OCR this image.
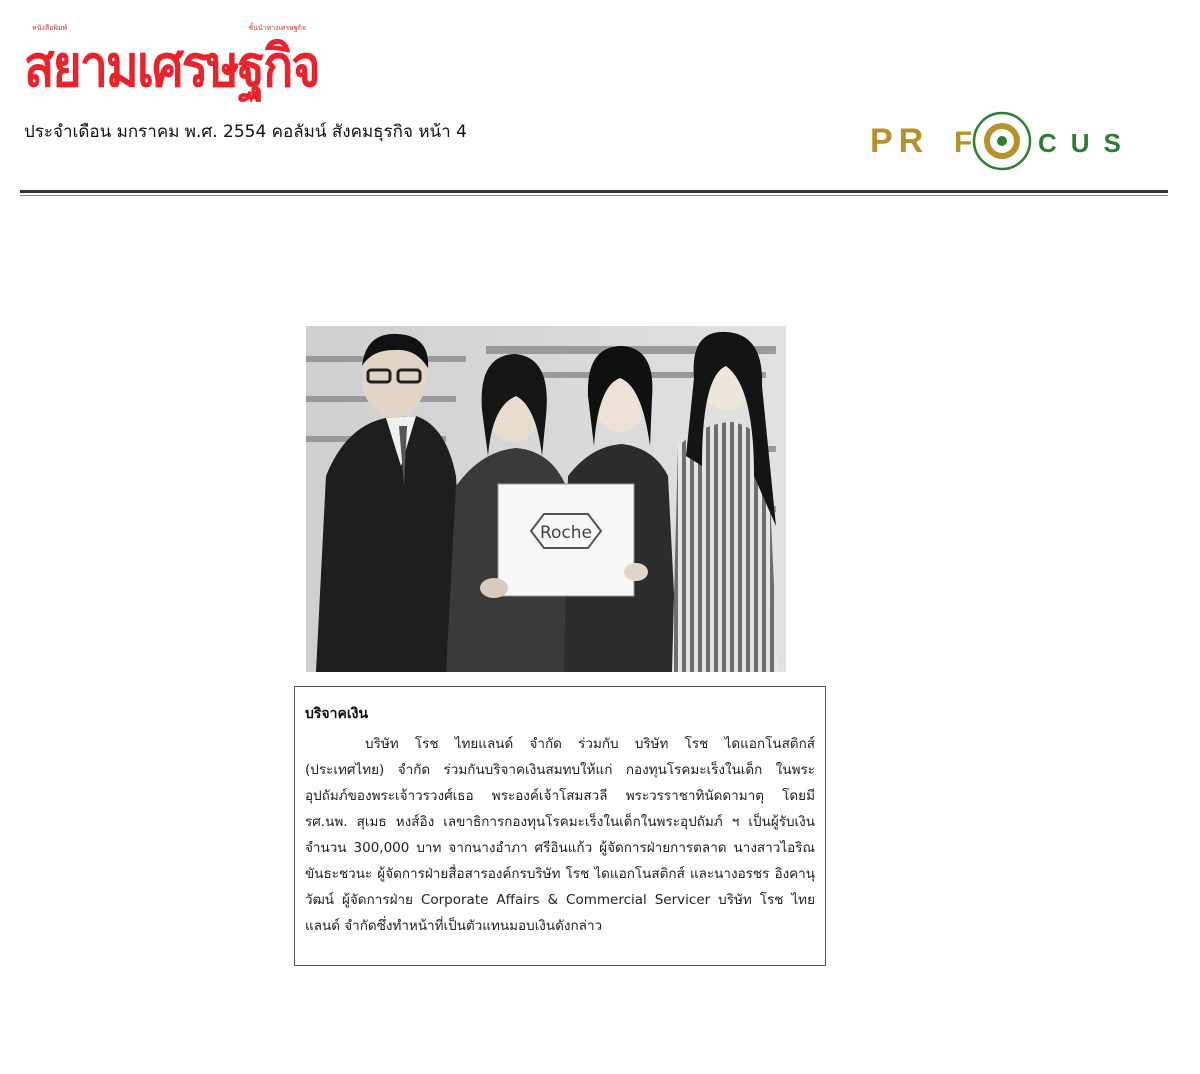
หนังสือพิมพ์	ชั้นนำทางเศรษฐกิจ
สยามเศรษฐกิจ
ประจำเดือน มกราคม พ.ศ. 2554 คอลัมน์ สังคมธุรกิจ หน้า 4	PR F	CUS
Roche

บริจาคเงิน

บริษัท โรช ไทยแลนด์ จำกัด ร่วมกับ บริษัท โรช ไดแอกโนสติกส์ (ประเทศไทย) จำกัด ร่วมกันบริจาคเงินสมทบให้แก่ กองทุนโรคมะเร็งในเด็ก ในพระอุปถัมภ์ของพระเจ้าวรวงศ์เธอ พระองค์เจ้าโสมสวลี พระวรราชาทินัดดามาตุ โดยมี รศ.นพ. สุเมธ หงส์อิง เลขาธิการกองทุนโรคมะเร็งในเด็กในพระอุปถัมภ์ ฯ เป็นผู้รับเงิน จำนวน 300,000 บาท จากนางอำภา ศรีอินแก้ว ผู้จัดการฝ่ายการตลาด นางสาวไอริณ ขันธะชวนะ ผู้จัดการฝ่ายสื่อสารองค์กรบริษัท โรช ไดแอกโนสติกส์ และนางอรชร อิงคานุวัฒน์ ผู้จัดการฝ่าย Corporate Affairs & Commercial Servicer บริษัท โรช ไทยแลนด์ จำกัดซึ่งทำหน้าที่เป็นตัวแทนมอบเงินดังกล่าว
